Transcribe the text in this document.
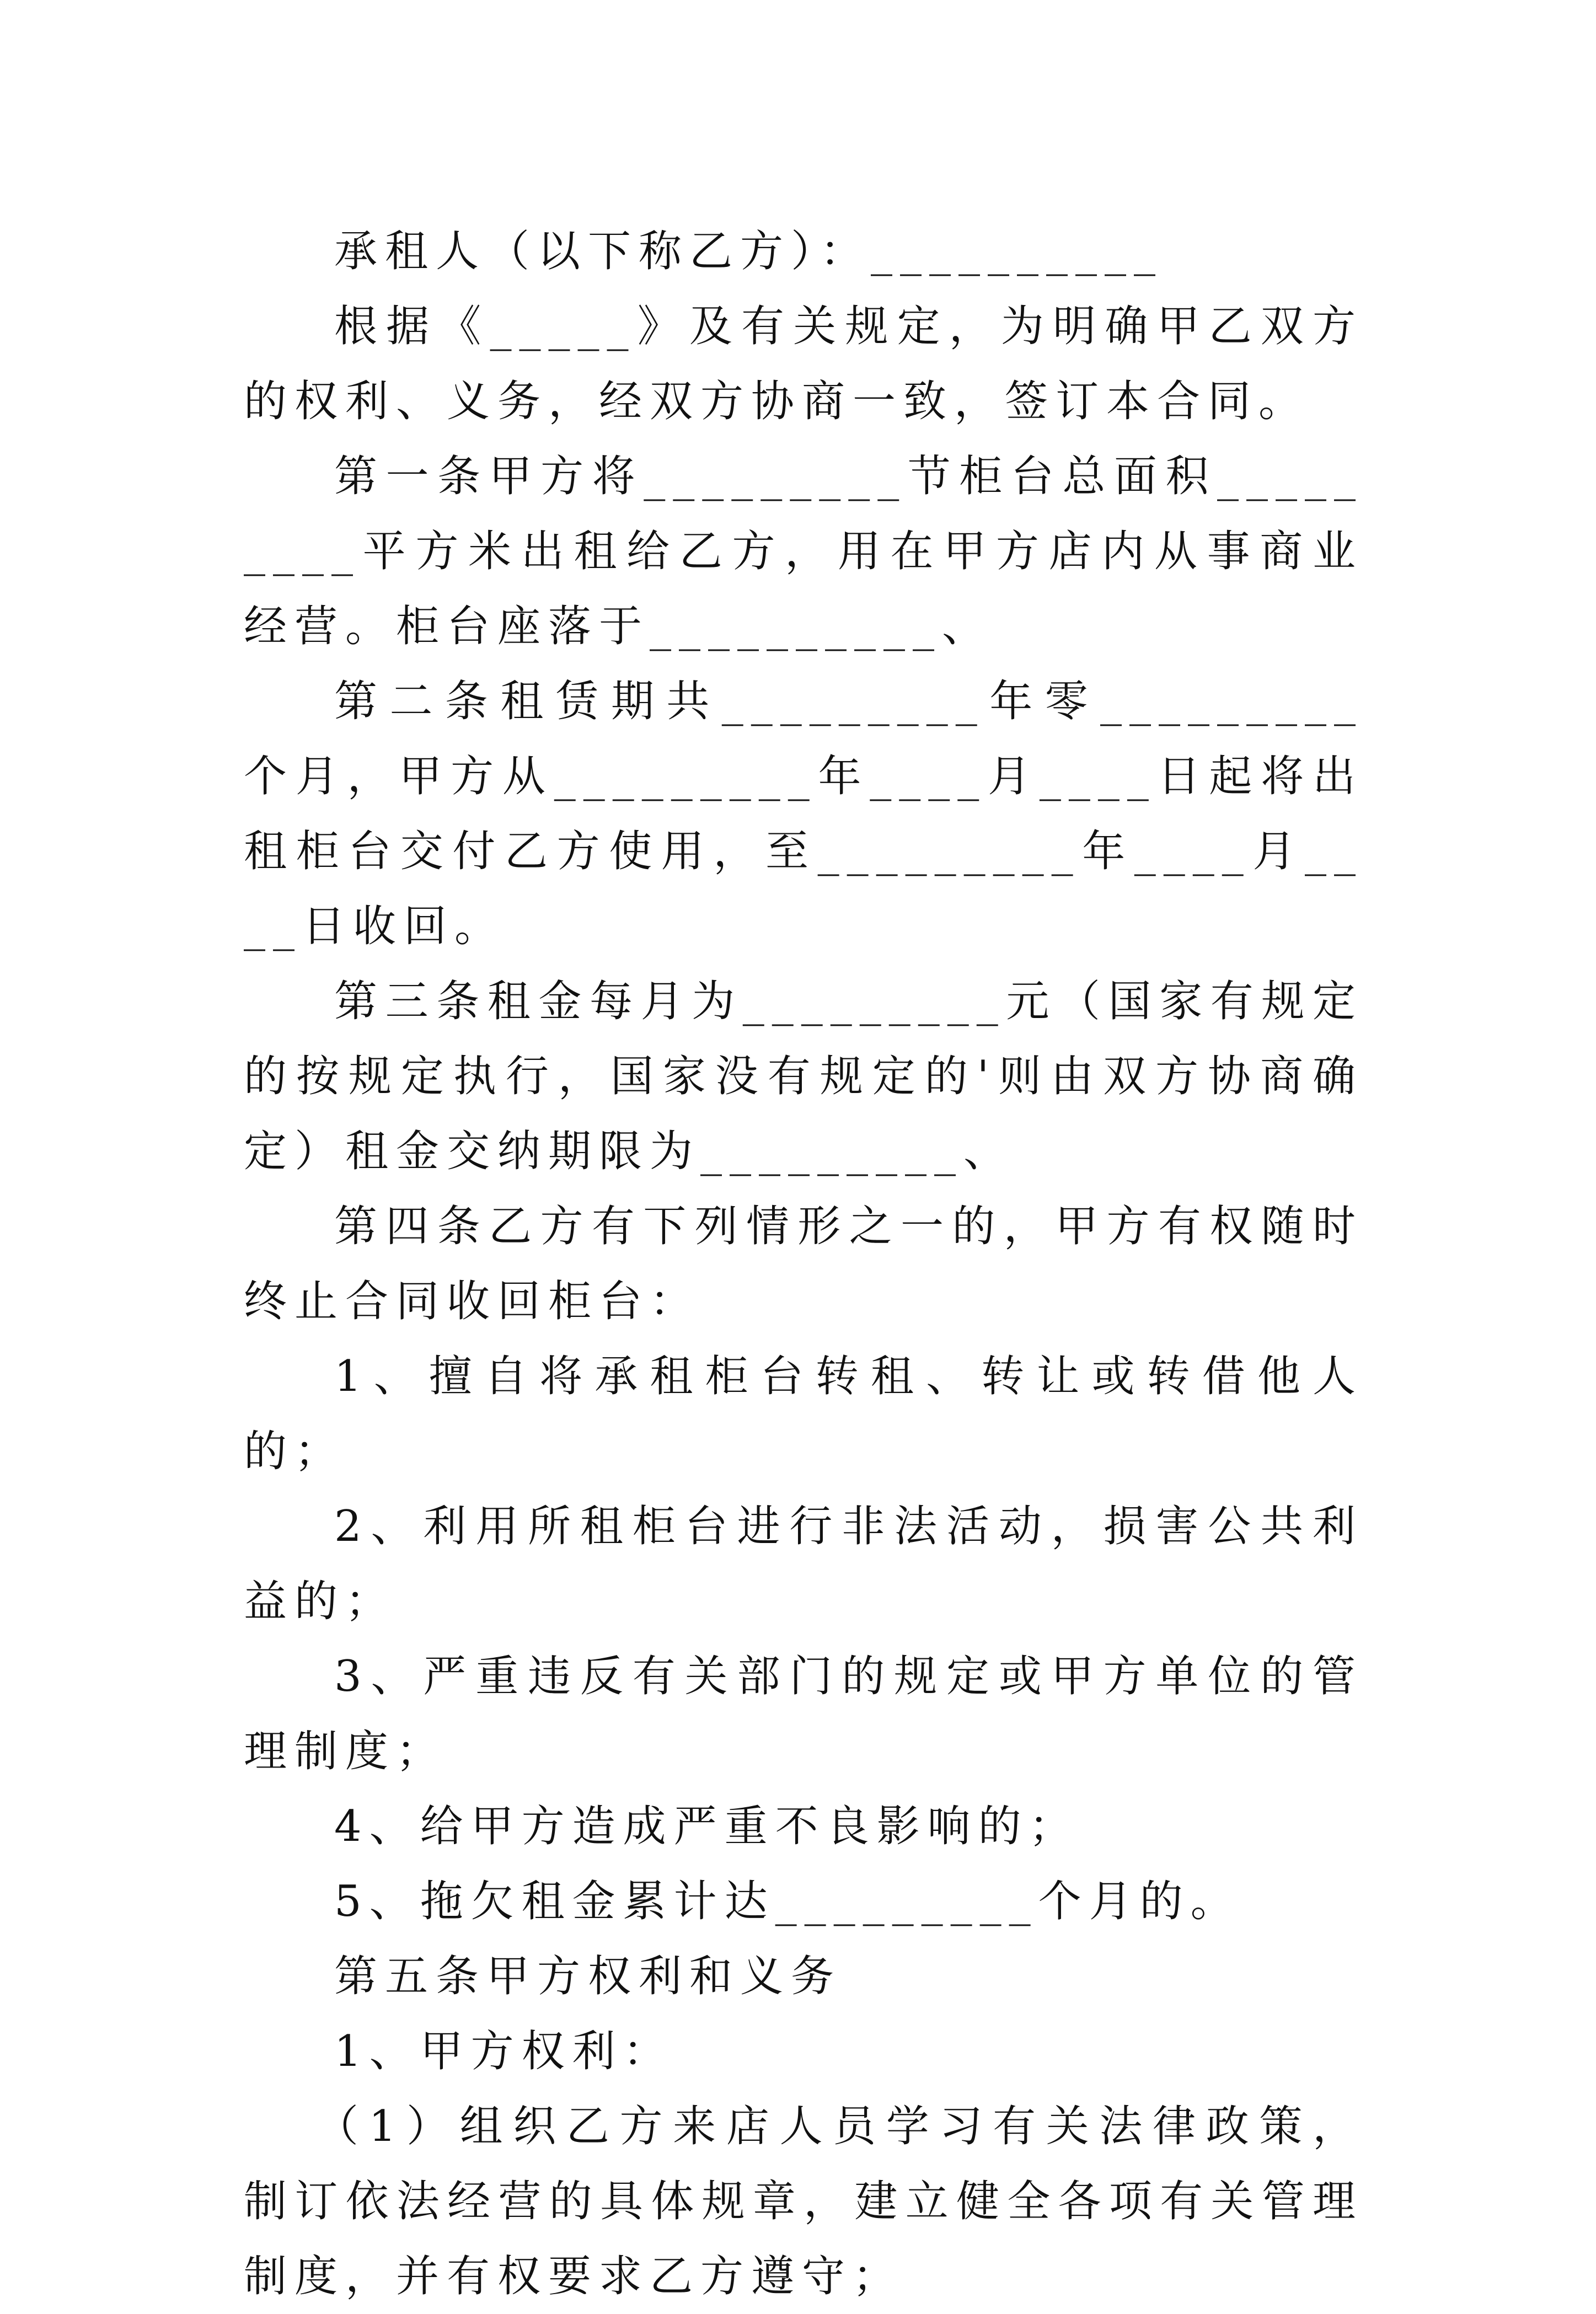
承租人（以下称乙方）：__________

根据《_____》及有关规定，为明确甲乙双方的权利、义务，经双方协商一致，签订本合同。

第一条甲方将_________节柜台总面积_________平方米出租给乙方，用在甲方店内从事商业经营。柜台座落于__________、

第二条租赁期共_________年零_________个月，甲方从_________年____月____日起将出租柜台交付乙方使用，至_________年____月____日收回。

第三条租金每月为_________元（国家有规定的按规定执行，国家没有规定的'则由双方协商确定）租金交纳期限为_________、

第四条乙方有下列情形之一的，甲方有权随时终止合同收回柜台：

1、擅自将承租柜台转租、转让或转借他人的；

2、利用所租柜台进行非法活动，损害公共利益的；

3、严重违反有关部门的规定或甲方单位的管理制度；

4、给甲方造成严重不良影响的；

5、拖欠租金累计达_________个月的。

第五条甲方权利和义务

1、甲方权利：

（1）组织乙方来店人员学习有关法律政策，制订依法经营的具体规章，建立健全各项有关管理制度，并有权要求乙方遵守；
